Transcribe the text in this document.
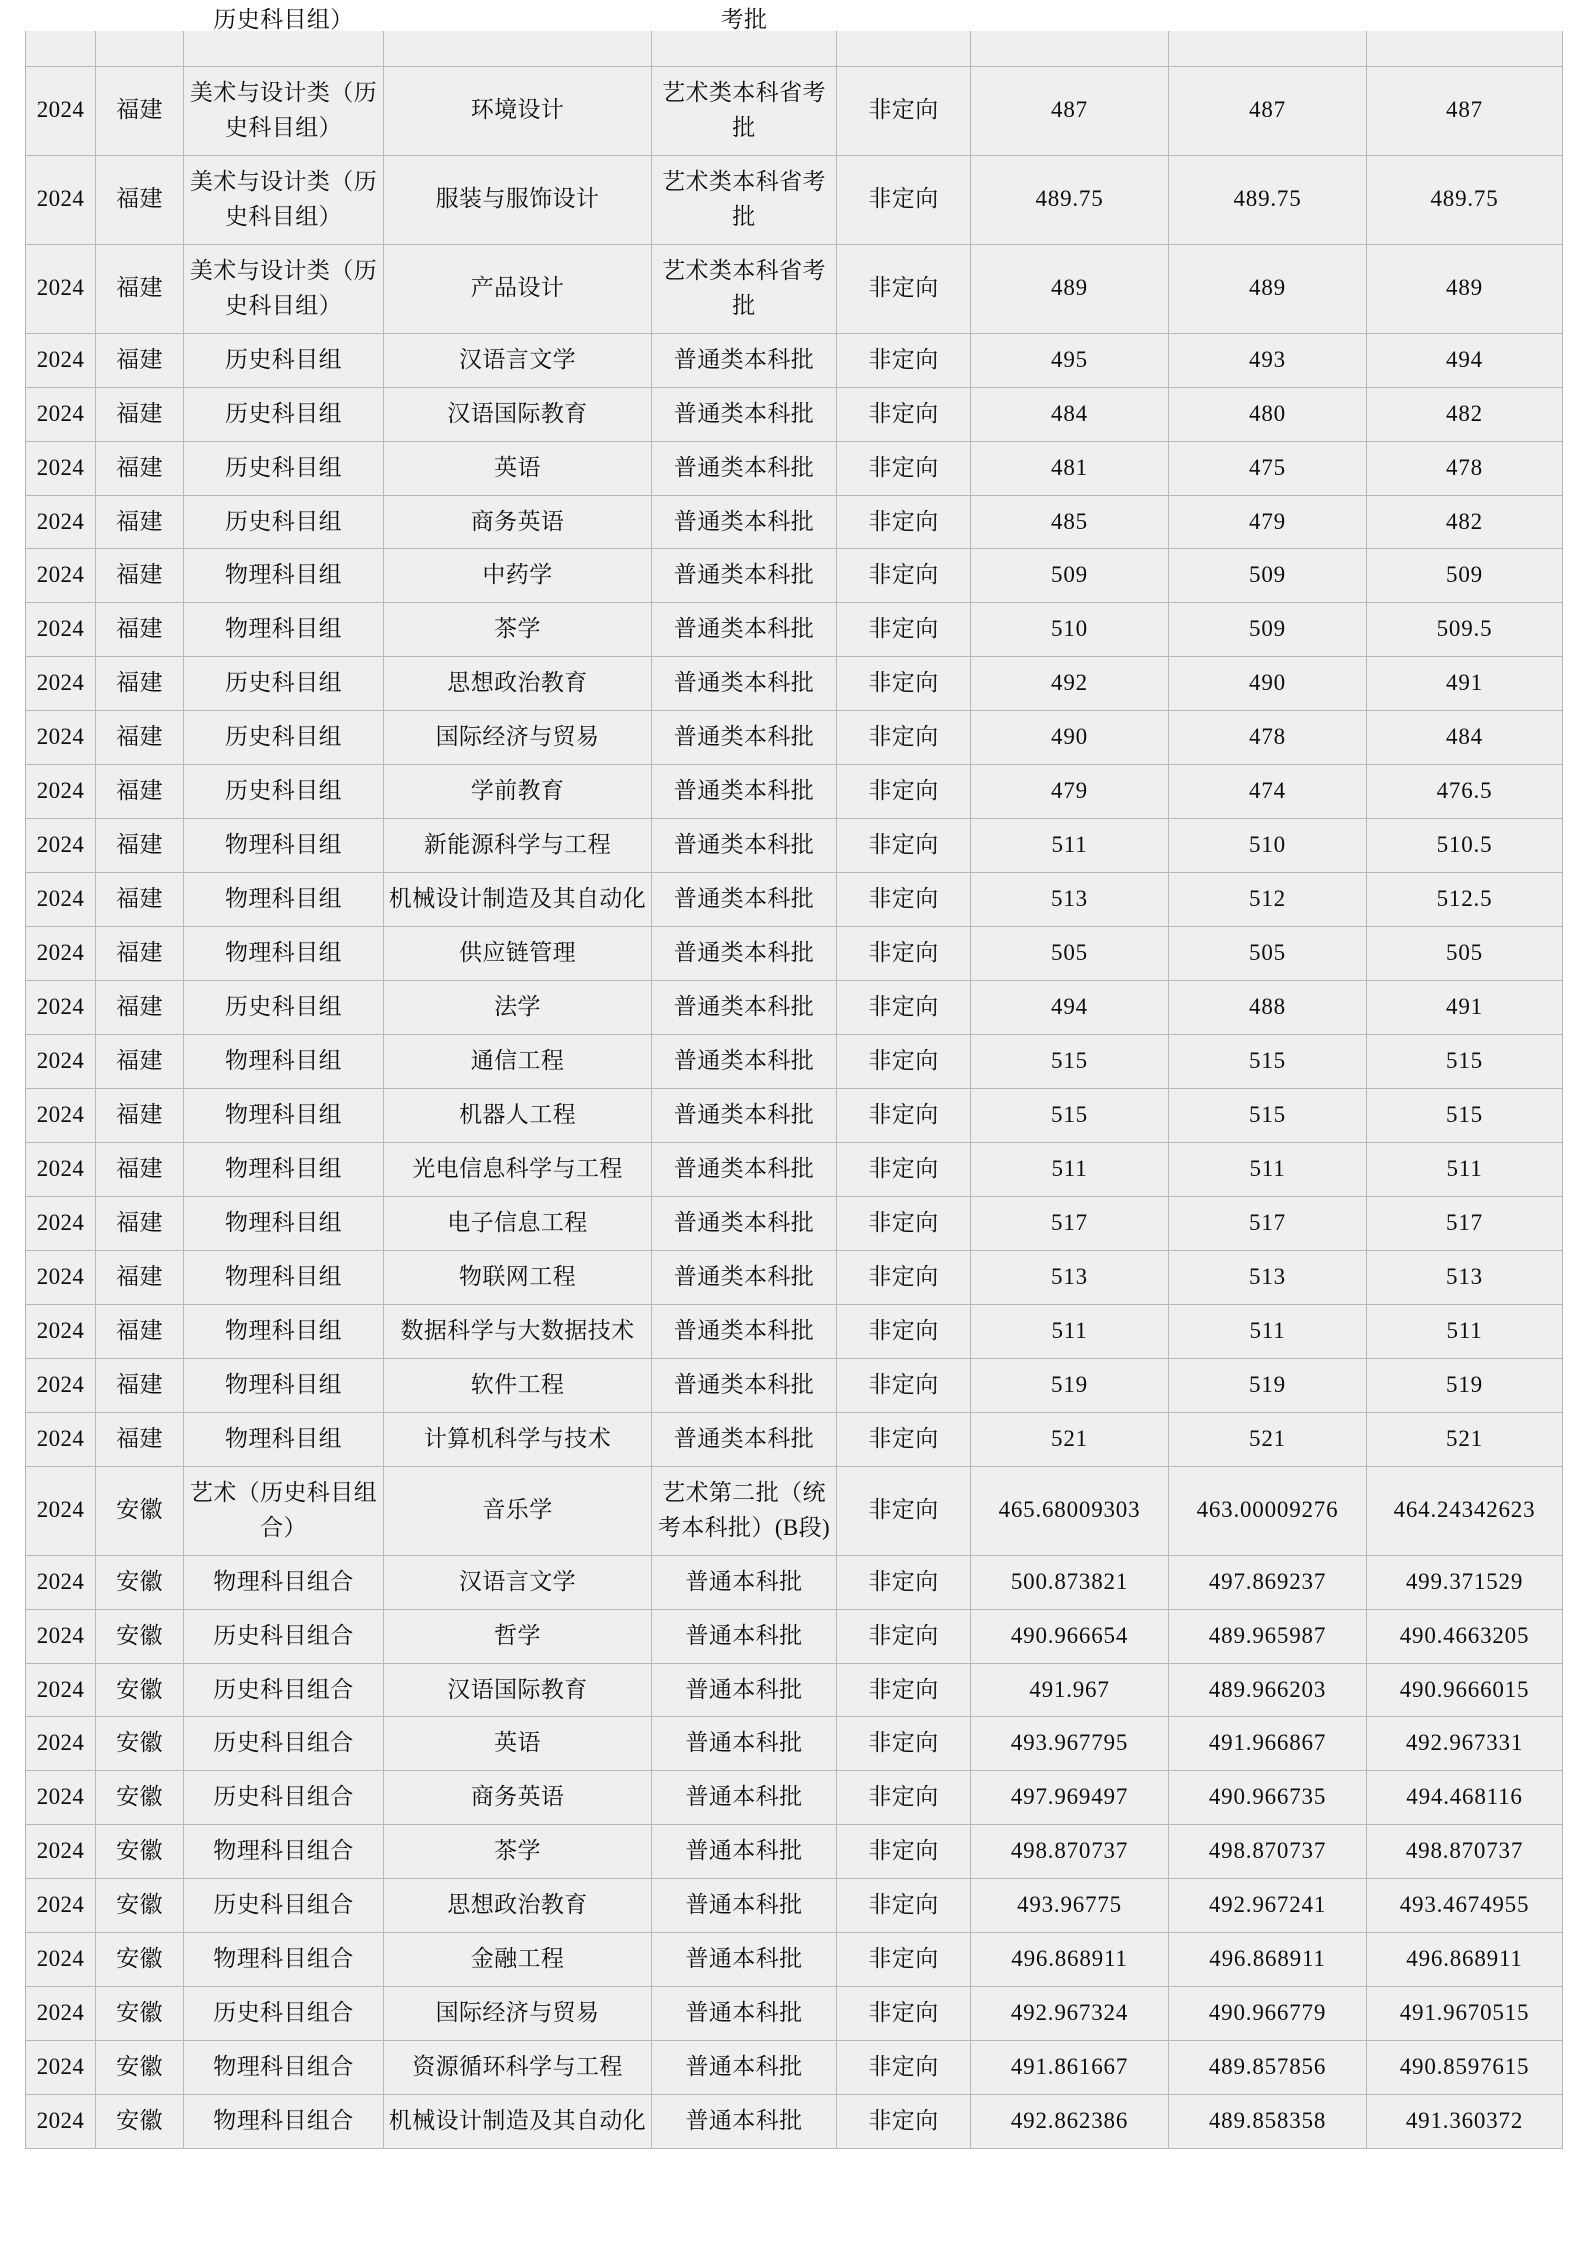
		历史科目组）		考批				

2024	福建	美术与设计类（历史科目组）	环境设计	艺术类本科省考批	非定向	487	487	487
2024	福建	美术与设计类（历史科目组）	服装与服饰设计	艺术类本科省考批	非定向	489.75	489.75	489.75
2024	福建	美术与设计类（历史科目组）	产品设计	艺术类本科省考批	非定向	489	489	489
2024	福建	历史科目组	汉语言文学	普通类本科批	非定向	495	493	494
2024	福建	历史科目组	汉语国际教育	普通类本科批	非定向	484	480	482
2024	福建	历史科目组	英语	普通类本科批	非定向	481	475	478
2024	福建	历史科目组	商务英语	普通类本科批	非定向	485	479	482
2024	福建	物理科目组	中药学	普通类本科批	非定向	509	509	509
2024	福建	物理科目组	茶学	普通类本科批	非定向	510	509	509.5
2024	福建	历史科目组	思想政治教育	普通类本科批	非定向	492	490	491
2024	福建	历史科目组	国际经济与贸易	普通类本科批	非定向	490	478	484
2024	福建	历史科目组	学前教育	普通类本科批	非定向	479	474	476.5
2024	福建	物理科目组	新能源科学与工程	普通类本科批	非定向	511	510	510.5
2024	福建	物理科目组	机械设计制造及其自动化	普通类本科批	非定向	513	512	512.5
2024	福建	物理科目组	供应链管理	普通类本科批	非定向	505	505	505
2024	福建	历史科目组	法学	普通类本科批	非定向	494	488	491
2024	福建	物理科目组	通信工程	普通类本科批	非定向	515	515	515
2024	福建	物理科目组	机器人工程	普通类本科批	非定向	515	515	515
2024	福建	物理科目组	光电信息科学与工程	普通类本科批	非定向	511	511	511
2024	福建	物理科目组	电子信息工程	普通类本科批	非定向	517	517	517
2024	福建	物理科目组	物联网工程	普通类本科批	非定向	513	513	513
2024	福建	物理科目组	数据科学与大数据技术	普通类本科批	非定向	511	511	511
2024	福建	物理科目组	软件工程	普通类本科批	非定向	519	519	519
2024	福建	物理科目组	计算机科学与技术	普通类本科批	非定向	521	521	521
2024	安徽	艺术（历史科目组合）	音乐学	艺术第二批（统考本科批）(B段)	非定向	465.68009303	463.00009276	464.24342623
2024	安徽	物理科目组合	汉语言文学	普通本科批	非定向	500.873821	497.869237	499.371529
2024	安徽	历史科目组合	哲学	普通本科批	非定向	490.966654	489.965987	490.4663205
2024	安徽	历史科目组合	汉语国际教育	普通本科批	非定向	491.967	489.966203	490.9666015
2024	安徽	历史科目组合	英语	普通本科批	非定向	493.967795	491.966867	492.967331
2024	安徽	历史科目组合	商务英语	普通本科批	非定向	497.969497	490.966735	494.468116
2024	安徽	物理科目组合	茶学	普通本科批	非定向	498.870737	498.870737	498.870737
2024	安徽	历史科目组合	思想政治教育	普通本科批	非定向	493.96775	492.967241	493.4674955
2024	安徽	物理科目组合	金融工程	普通本科批	非定向	496.868911	496.868911	496.868911
2024	安徽	历史科目组合	国际经济与贸易	普通本科批	非定向	492.967324	490.966779	491.9670515
2024	安徽	物理科目组合	资源循环科学与工程	普通本科批	非定向	491.861667	489.857856	490.8597615
2024	安徽	物理科目组合	机械设计制造及其自动化	普通本科批	非定向	492.862386	489.858358	491.360372
